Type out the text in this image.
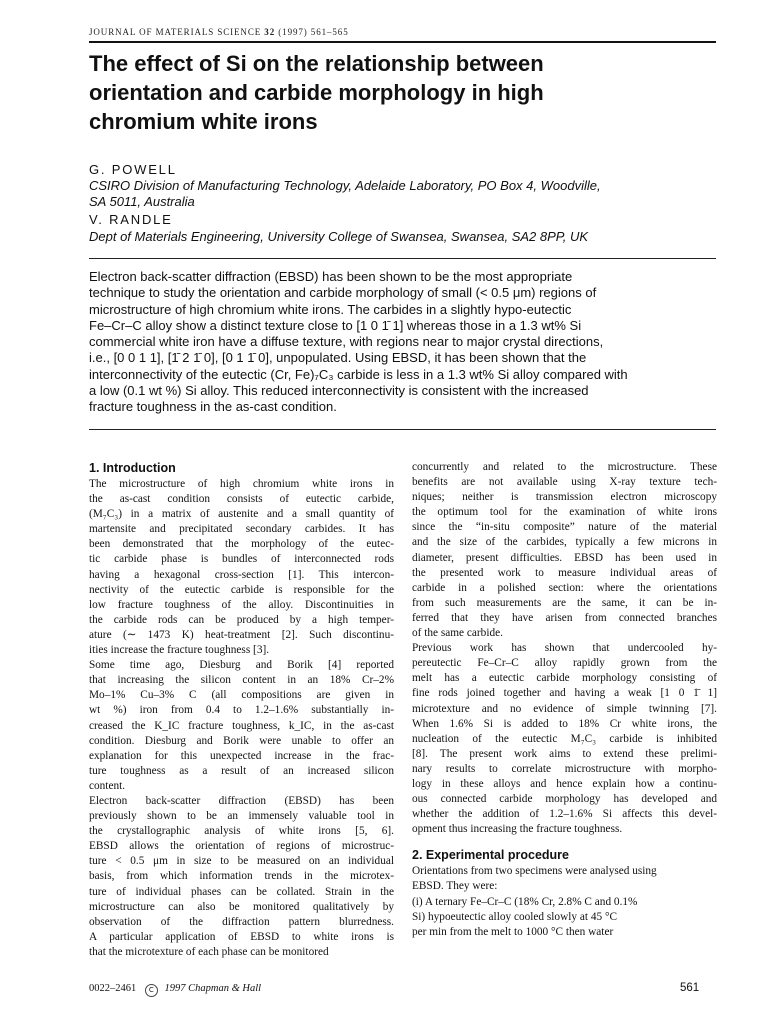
JOURNAL OF MATERIALS SCIENCE 32 (1997) 561–565
The effect of Si on the relationship between
orientation and carbide morphology in high
chromium white irons
G. POWELL
CSIRO Division of Manufacturing Technology, Adelaide Laboratory, PO Box 4, Woodville,
SA 5011, Australia
V. RANDLE
Dept of Materials Engineering, University College of Swansea, Swansea, SA2 8PP, UK
Electron back-scatter diffraction (EBSD) has been shown to be the most appropriate
technique to study the orientation and carbide morphology of small (< 0.5 μm) regions of
microstructure of high chromium white irons. The carbides in a slightly hypo-eutectic
Fe–Cr–C alloy show a distinct texture close to [1 0 1̄ 1] whereas those in a 1.3 wt% Si
commercial white iron have a diffuse texture, with regions near to major crystal directions,
i.e., [0 0 1 1], [1̄ 2 1̄ 0], [0 1 1̄ 0], unpopulated. Using EBSD, it has been shown that the
interconnectivity of the eutectic (Cr, Fe)₇C₃ carbide is less in a 1.3 wt% Si alloy compared with
a low (0.1 wt %) Si alloy. This reduced interconnectivity is consistent with the increased
fracture toughness in the as-cast condition.
1. Introduction
The microstructure of high chromium white irons in
the as-cast condition consists of eutectic carbide,
(M₇C₃) in a matrix of austenite and a small quantity of
martensite and precipitated secondary carbides. It has
been demonstrated that the morphology of the eutec-
tic carbide phase is bundles of interconnected rods
having a hexagonal cross-section [1]. This intercon-
nectivity of the eutectic carbide is responsible for the
low fracture toughness of the alloy. Discontinuities in
the carbide rods can be produced by a high temper-
ature (∼ 1473 K) heat-treatment [2]. Such discontinu-
ities increase the fracture toughness [3].
Some time ago, Diesburg and Borik [4] reported
that increasing the silicon content in an 18% Cr–2%
Mo–1% Cu–3% C (all compositions are given in
wt %) iron from 0.4 to 1.2–1.6% substantially in-
creased the K_IC fracture toughness, k_IC, in the as-cast
condition. Diesburg and Borik were unable to offer an
explanation for this unexpected increase in the frac-
ture toughness as a result of an increased silicon
content.
Electron back-scatter diffraction (EBSD) has been
previously shown to be an immensely valuable tool in
the crystallographic analysis of white irons [5, 6].
EBSD allows the orientation of regions of microstruc-
ture < 0.5 μm in size to be measured on an individual
basis, from which information trends in the microtex-
ture of individual phases can be collated. Strain in the
microstructure can also be monitored qualitatively by
observation of the diffraction pattern blurredness.
A particular application of EBSD to white irons is
that the microtexture of each phase can be monitored
concurrently and related to the microstructure. These
benefits are not available using X-ray texture tech-
niques; neither is transmission electron microscopy
the optimum tool for the examination of white irons
since the “in-situ composite” nature of the material
and the size of the carbides, typically a few microns in
diameter, present difficulties. EBSD has been used in
the presented work to measure individual areas of
carbide in a polished section: where the orientations
from such measurements are the same, it can be in-
ferred that they have arisen from connected branches
of the same carbide.
Previous work has shown that undercooled hy-
pereutectic Fe–Cr–C alloy rapidly grown from the
melt has a eutectic carbide morphology consisting of
fine rods joined together and having a weak [1 0 1̄ 1]
microtexture and no evidence of simple twinning [7].
When 1.6% Si is added to 18% Cr white irons, the
nucleation of the eutectic M₇C₃ carbide is inhibited
[8]. The present work aims to extend these prelimi-
nary results to correlate microstructure with morpho-
logy in these alloys and hence explain how a continu-
ous connected carbide morphology has developed and
whether the addition of 1.2–1.6% Si affects this devel-
opment thus increasing the fracture toughness.
2. Experimental procedure
Orientations from two specimens were analysed using
EBSD. They were:
(i) A ternary Fe–Cr–C (18% Cr, 2.8% C and 0.1%
Si) hypoeutectic alloy cooled slowly at 45 °C
per min from the melt to 1000 °C then water
0022–2461 C 1997 Chapman & Hall	561
